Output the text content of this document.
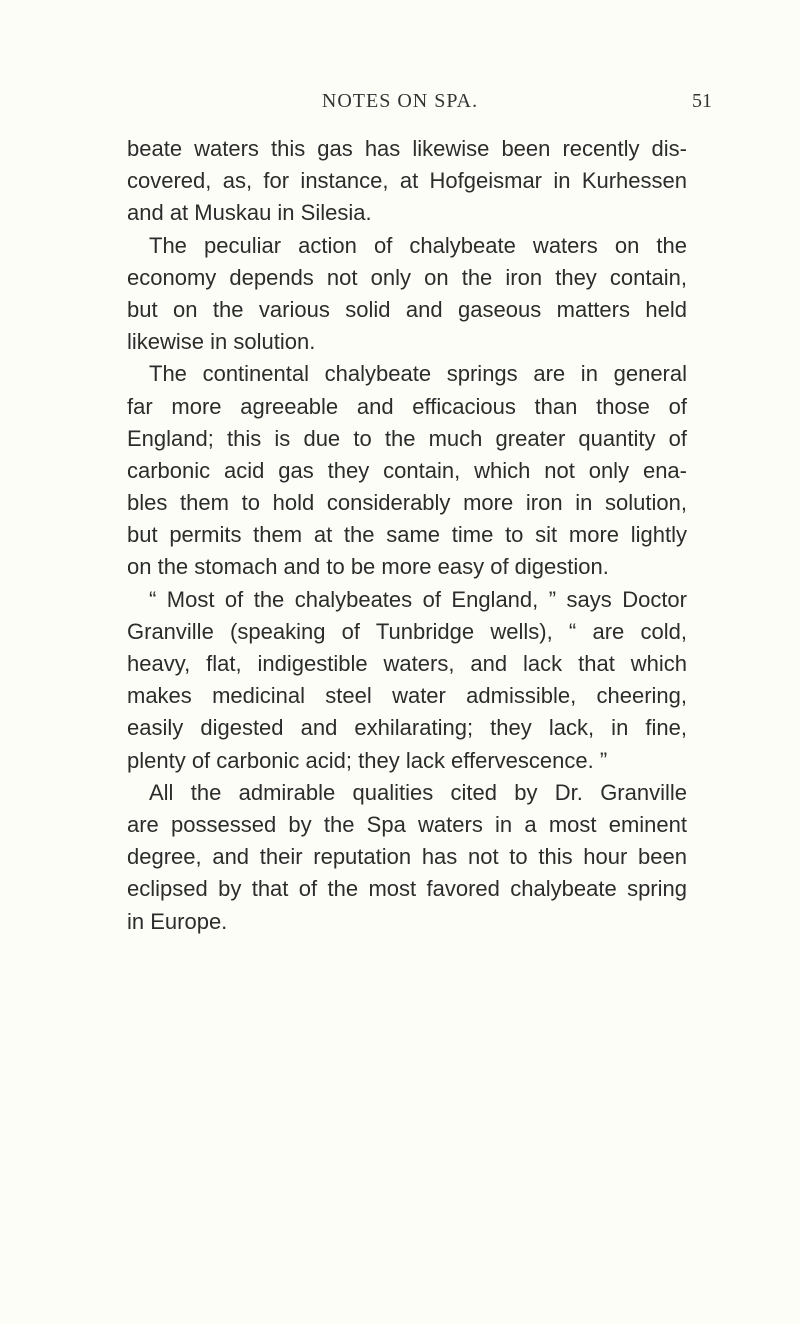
NOTES ON SPA.	51
beate waters this gas has likewise been recently dis-
covered, as, for instance, at Hofgeismar in Kurhessen
and at Muskau in Silesia.
The peculiar action of chalybeate waters on the
economy depends not only on the iron they contain,
but on the various solid and gaseous matters held
likewise in solution.
The continental chalybeate springs are in general
far more agreeable and efficacious than those of
England; this is due to the much greater quantity of
carbonic acid gas they contain, which not only ena-
bles them to hold considerably more iron in solution,
but permits them at the same time to sit more lightly
on the stomach and to be more easy of digestion.
“ Most of the chalybeates of England, ” says Doctor
Granville (speaking of Tunbridge wells), “ are cold,
heavy, flat, indigestible waters, and lack that which
makes medicinal steel water admissible, cheering,
easily digested and exhilarating; they lack, in fine,
plenty of carbonic acid; they lack effervescence. ”
All the admirable qualities cited by Dr. Granville
are possessed by the Spa waters in a most eminent
degree, and their reputation has not to this hour been
eclipsed by that of the most favored chalybeate spring
in Europe.
